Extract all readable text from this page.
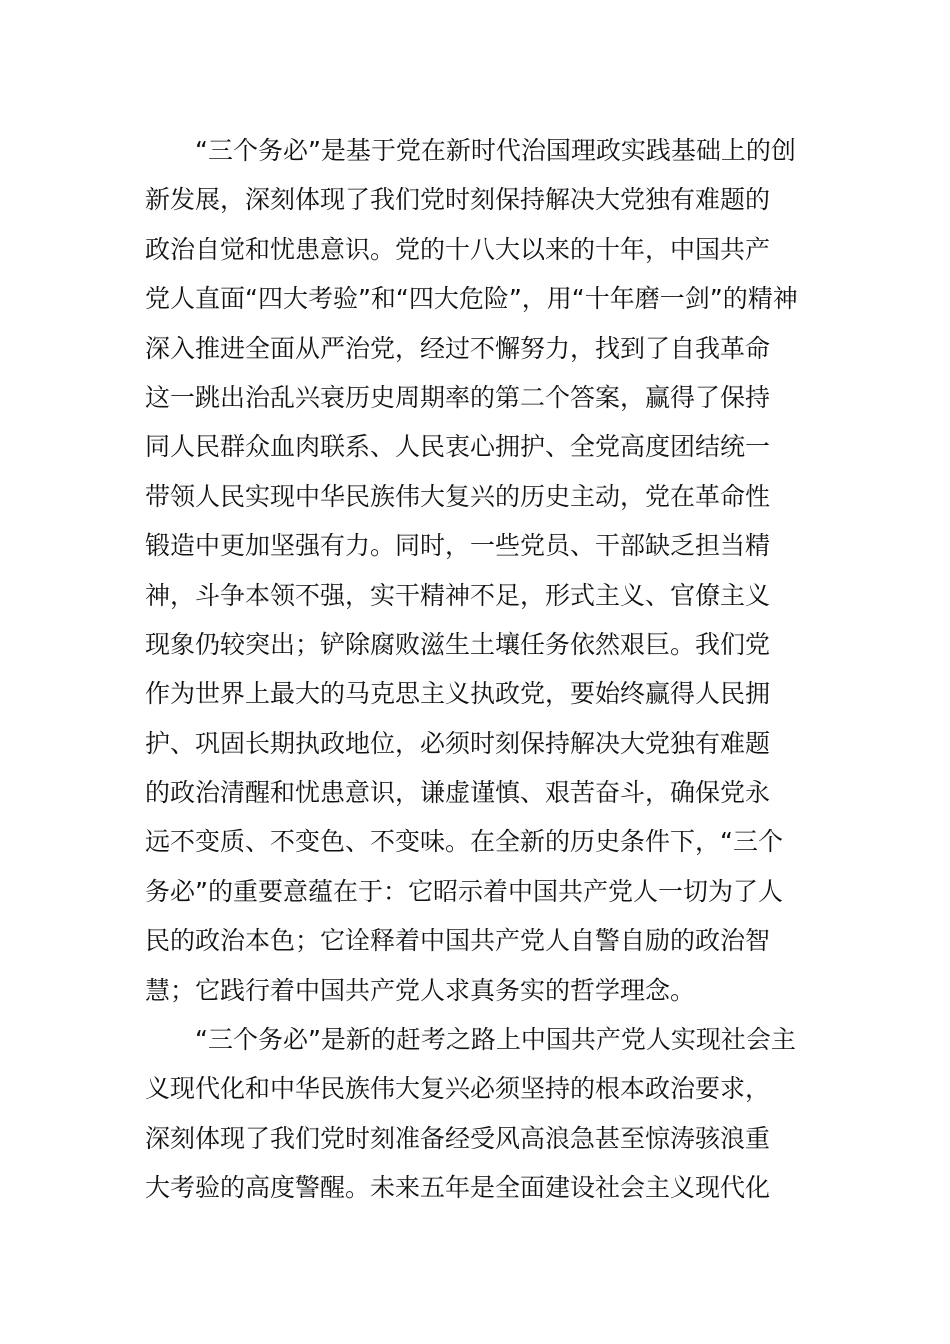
“三个务必”是基于党在新时代治国理政实践基础上的创
新发展，深刻体现了我们党时刻保持解决大党独有难题的
政治自觉和忧患意识。党的十八大以来的十年，中国共产
党人直面“四大考验”和“四大危险”，用“十年磨一剑”的精神
深入推进全面从严治党，经过不懈努力，找到了自我革命
这一跳出治乱兴衰历史周期率的第二个答案，赢得了保持
同人民群众血肉联系、人民衷心拥护、全党高度团结统一
带领人民实现中华民族伟大复兴的历史主动，党在革命性
锻造中更加坚强有力。同时，一些党员、干部缺乏担当精
神，斗争本领不强，实干精神不足，形式主义、官僚主义
现象仍较突出；铲除腐败滋生土壤任务依然艰巨。我们党
作为世界上最大的马克思主义执政党，要始终赢得人民拥
护、巩固长期执政地位，必须时刻保持解决大党独有难题
的政治清醒和忧患意识，谦虚谨慎、艰苦奋斗，确保党永
远不变质、不变色、不变味。在全新的历史条件下，“三个
务必”的重要意蕴在于：它昭示着中国共产党人一切为了人
民的政治本色；它诠释着中国共产党人自警自励的政治智
慧；它践行着中国共产党人求真务实的哲学理念。
“三个务必”是新的赶考之路上中国共产党人实现社会主
义现代化和中华民族伟大复兴必须坚持的根本政治要求，
深刻体现了我们党时刻准备经受风高浪急甚至惊涛骇浪重
大考验的高度警醒。未来五年是全面建设社会主义现代化
